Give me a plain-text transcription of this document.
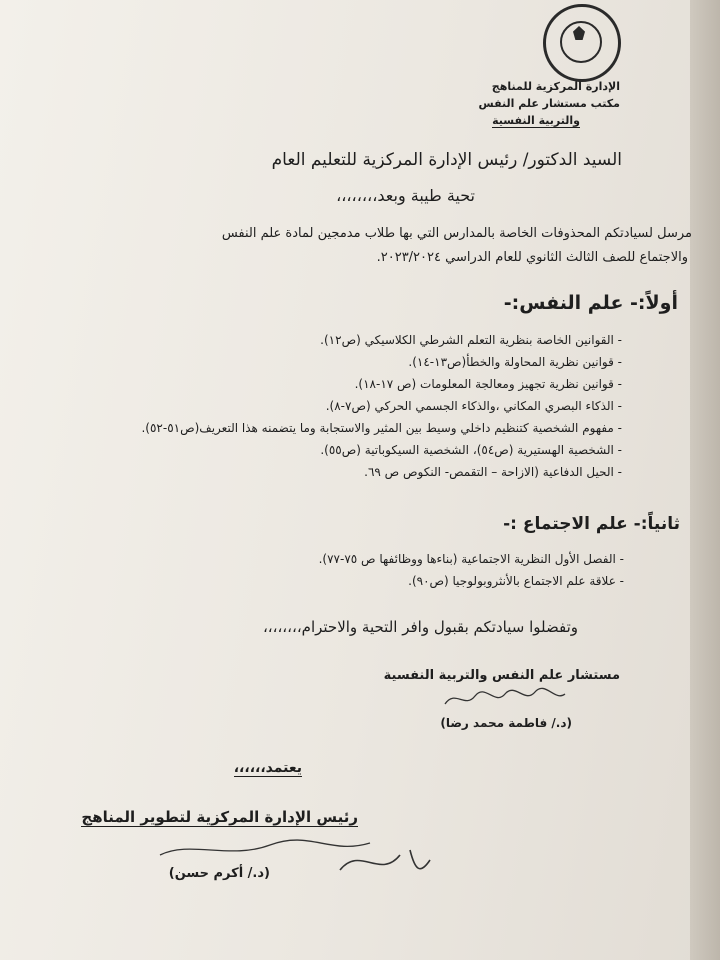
الإدارة المركزية للمناهج
مكتب مستشار علم النفس
والتربية النفسية
السيد الدكتور/ رئيس الإدارة المركزية للتعليم العام
تحية طيبة وبعد،،،،،،،،
مرسل لسيادتكم المحذوفات الخاصة بالمدارس التي بها طلاب مدمجين لمادة علم النفس
والاجتماع للصف الثالث الثانوي للعام الدراسي ٢٠٢٣/٢٠٢٤.
أولاً:- علم النفس:-
- القوانين الخاصة بنظرية التعلم الشرطي الكلاسيكي (ص١٢).
- قوانين نظرية المحاولة والخطأ(ص١٣-١٤).
- قوانين نظرية تجهيز ومعالجة المعلومات (ص ١٧-١٨).
- الذكاء البصري المكاني ،والذكاء الجسمي الحركي (ص٧-٨).
- مفهوم الشخصية كتنظيم داخلي وسيط بين المثير والاستجابة وما يتضمنه هذا التعريف(ص٥١-٥٢).
- الشخصية الهستيرية (ص٥٤)، الشخصية السيكوباتية (ص٥٥).
- الحيل الدفاعية (الازاحة – التقمص- النكوص ص ٦٩.
ثانياً:- علم الاجتماع :-
- الفصل الأول النظرية الاجتماعية (بناءها ووظائفها ص ٧٥-٧٧).
- علاقة علم الاجتماع بالأنثروبولوجيا (ص٩٠).
وتفضلوا سيادتكم بقبول وافر التحية والاحترام،،،،،،،،
مستشار علم النفس والتربية النفسية
(د./ فاطمة محمد رضا)
يعتمد،،،،،،
رئيس الإدارة المركزية لتطوير المناهج
(د./ أكرم حسن)
